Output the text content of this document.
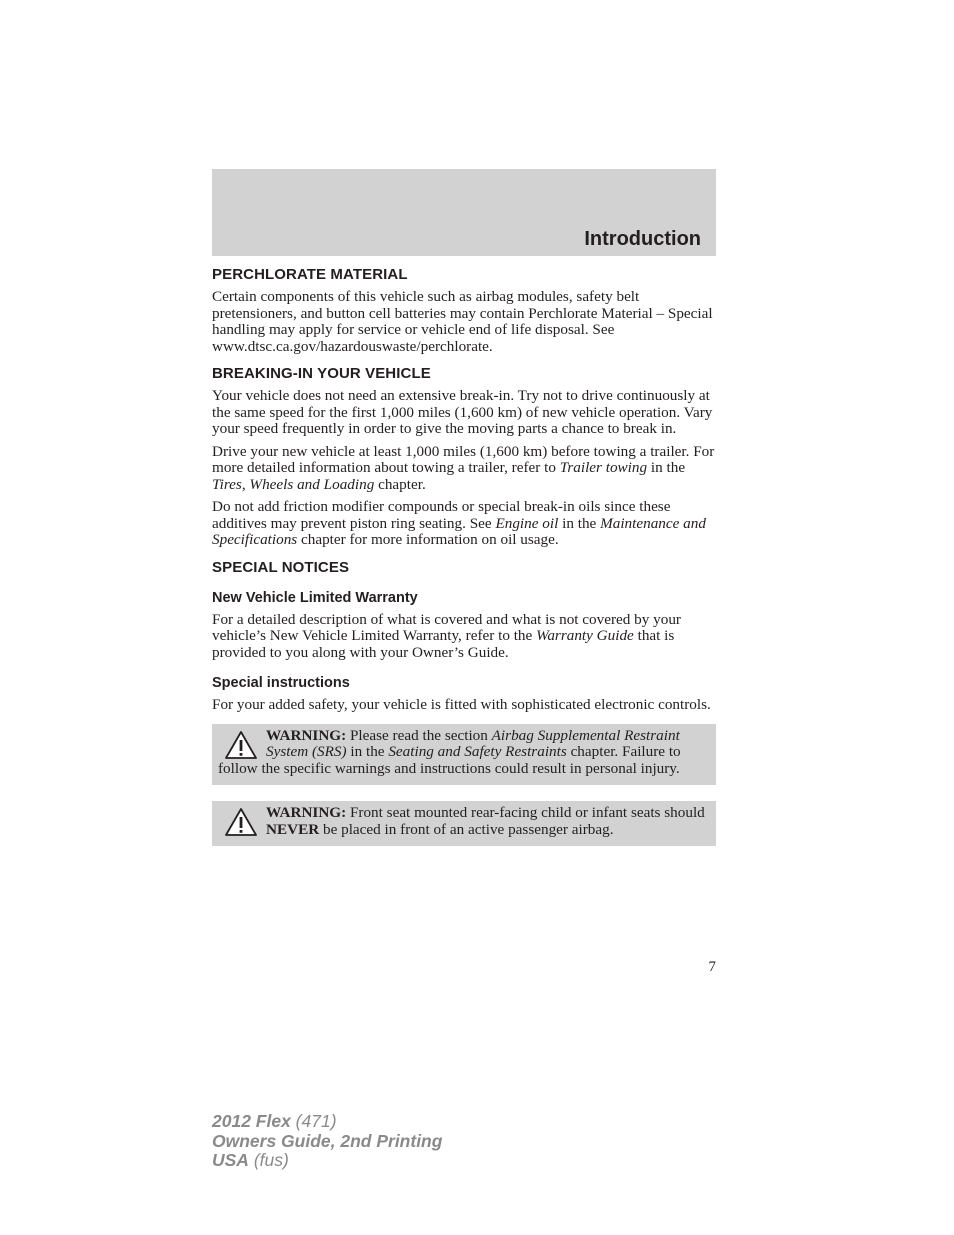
Introduction
PERCHLORATE MATERIAL

Certain components of this vehicle such as airbag modules, safety belt pretensioners, and button cell batteries may contain Perchlorate Material – Special handling may apply for service or vehicle end of life disposal. See www.dtsc.ca.gov/hazardouswaste/perchlorate.

BREAKING-IN YOUR VEHICLE

Your vehicle does not need an extensive break-in. Try not to drive continuously at the same speed for the first 1,000 miles (1,600 km) of new vehicle operation. Vary your speed frequently in order to give the moving parts a chance to break in.

Drive your new vehicle at least 1,000 miles (1,600 km) before towing a trailer. For more detailed information about towing a trailer, refer to Trailer towing in the Tires, Wheels and Loading chapter.

Do not add friction modifier compounds or special break-in oils since these additives may prevent piston ring seating. See Engine oil in the Maintenance and Specifications chapter for more information on oil usage.

SPECIAL NOTICES
New Vehicle Limited Warranty

For a detailed description of what is covered and what is not covered by your vehicle’s New Vehicle Limited Warranty, refer to the Warranty Guide that is provided to you along with your Owner’s Guide.

Special instructions

For your added safety, your vehicle is fitted with sophisticated electronic controls.

WARNING: Please read the section Airbag Supplemental Restraint System (SRS) in the Seating and Safety Restraints chapter. Failure to follow the specific warnings and instructions could result in personal injury.

WARNING: Front seat mounted rear-facing child or infant seats should NEVER be placed in front of an active passenger airbag.

7
2012 Flex (471)
Owners Guide, 2nd Printing
USA (fus)
